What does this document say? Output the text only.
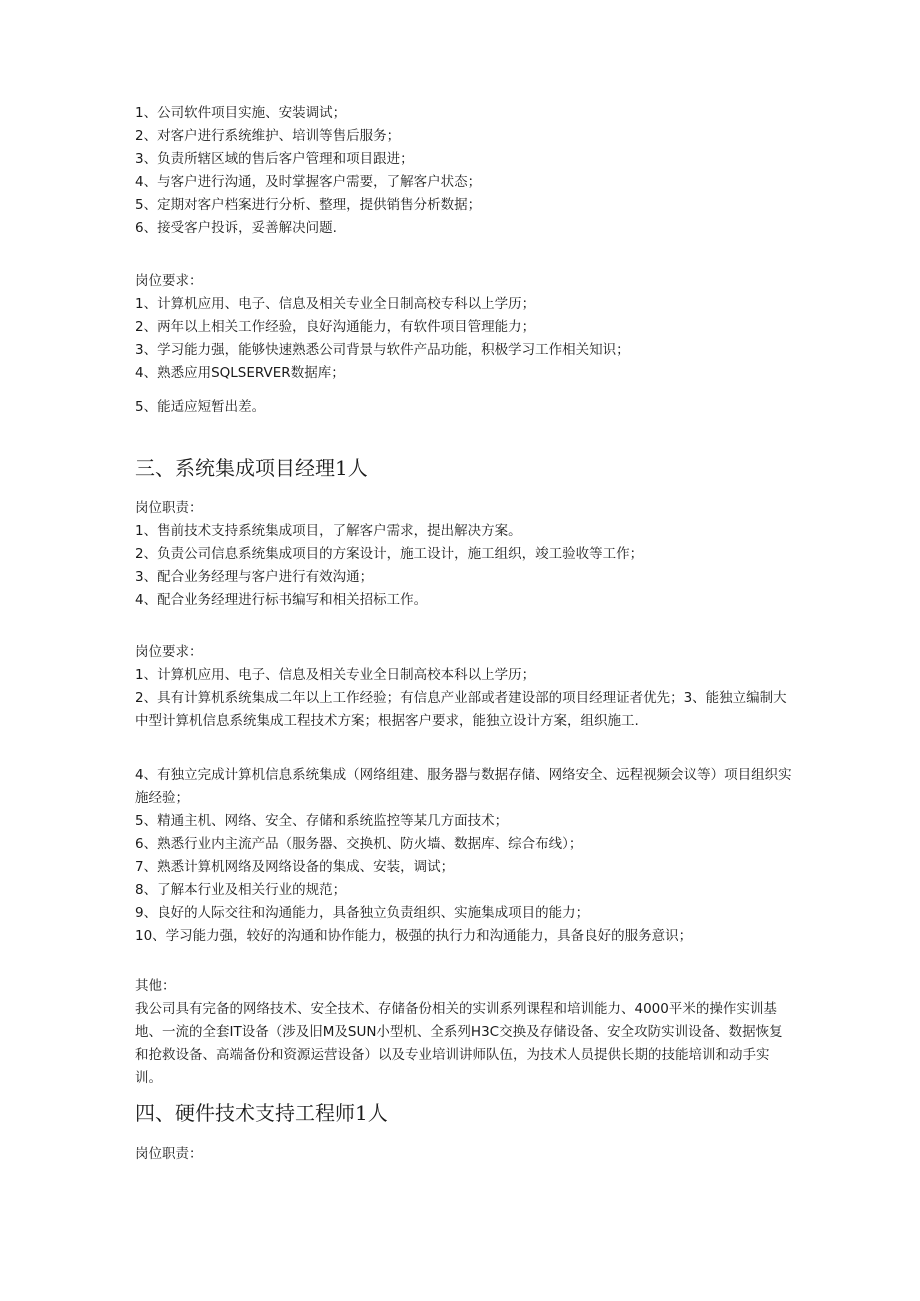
1、公司软件项目实施、安装调试；
2、对客户进行系统维护、培训等售后服务；
3、负责所辖区域的售后客户管理和项目跟进；
4、与客户进行沟通，及时掌握客户需要，了解客户状态；
5、定期对客户档案进行分析、整理，提供销售分析数据；
6、接受客户投诉，妥善解决问题.
岗位要求：
1、计算机应用、电子、信息及相关专业全日制高校专科以上学历；
2、两年以上相关工作经验，良好沟通能力，有软件项目管理能力；
3、学习能力强，能够快速熟悉公司背景与软件产品功能，积极学习工作相关知识；
4、熟悉应用SQLSERVER数据库；
5、能适应短暂出差。
三、系统集成项目经理1人
岗位职责：
1、售前技术支持系统集成项目，了解客户需求，提出解决方案。
2、负责公司信息系统集成项目的方案设计，施工设计，施工组织，竣工验收等工作；
3、配合业务经理与客户进行有效沟通；
4、配合业务经理进行标书编写和相关招标工作。
岗位要求：
1、计算机应用、电子、信息及相关专业全日制高校本科以上学历；
2、具有计算机系统集成二年以上工作经验；有信息产业部或者建设部的项目经理证者优先；3、能独立编制大中型计算机信息系统集成工程技术方案；根据客户要求，能独立设计方案，组织施工.
4、有独立完成计算机信息系统集成（网络组建、服务器与数据存储、网络安全、远程视频会议等）项目组织实施经验；
5、精通主机、网络、安全、存储和系统监控等某几方面技术；
6、熟悉行业内主流产品（服务器、交换机、防火墙、数据库、综合布线）；
7、熟悉计算机网络及网络设备的集成、安装，调试；
8、了解本行业及相关行业的规范；
9、良好的人际交往和沟通能力，具备独立负责组织、实施集成项目的能力；
10、学习能力强，较好的沟通和协作能力，极强的执行力和沟通能力，具备良好的服务意识；
其他：
我公司具有完备的网络技术、安全技术、存储备份相关的实训系列课程和培训能力、4000平米的操作实训基地、一流的全套IT设备（涉及旧M及SUN小型机、全系列H3C交换及存储设备、安全攻防实训设备、数据恢复和抢救设备、高端备份和资源运营设备）以及专业培训讲师队伍，为技术人员提供长期的技能培训和动手实训。
四、硬件技术支持工程师1人
岗位职责：
